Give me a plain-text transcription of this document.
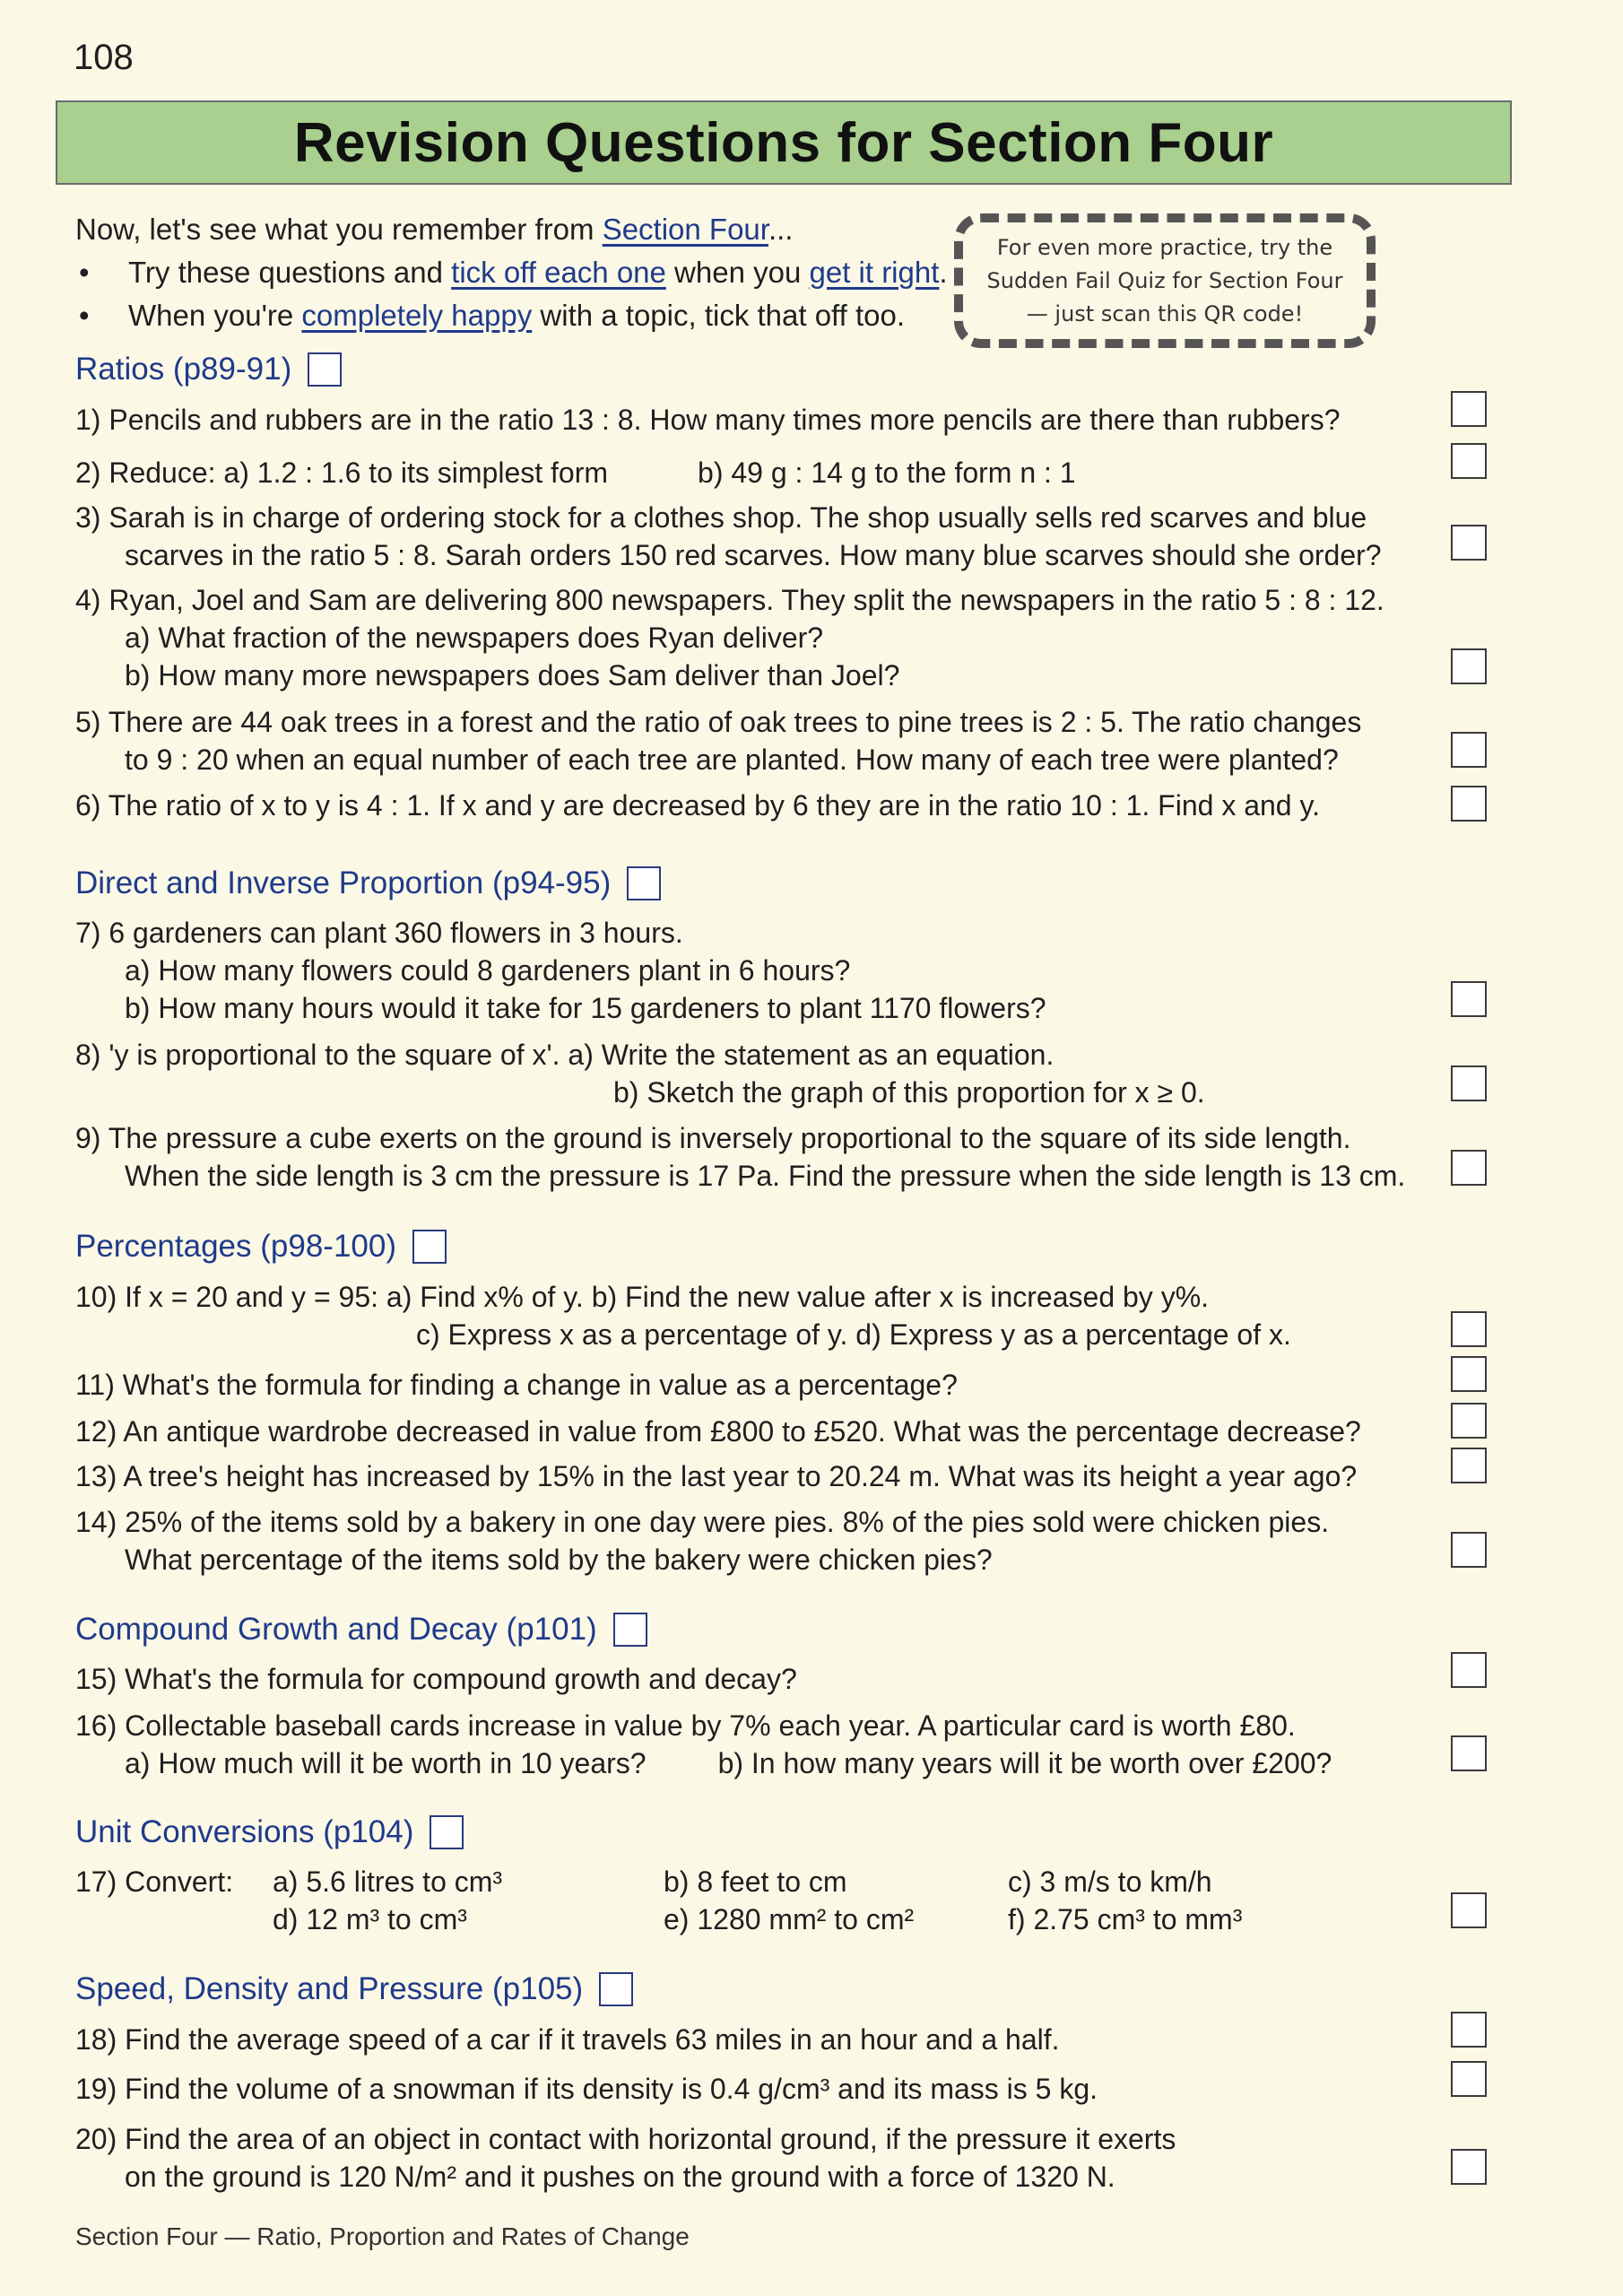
108
Revision Questions for Section Four
Now, let's see what you remember from Section Four...
• Try these questions and tick off each one when you get it right.
• When you're completely happy with a topic, tick that off too.
For even more practice, try the
Sudden Fail Quiz for Section Four
— just scan this QR code!
Ratios (p89-91)
1) Pencils and rubbers are in the ratio 13 : 8. How many times more pencils are there than rubbers?
2) Reduce: a) 1.2 : 1.6 to its simplest form	b) 49 g : 14 g to the form n : 1
3) Sarah is in charge of ordering stock for a clothes shop. The shop usually sells red scarves and blue
scarves in the ratio 5 : 8. Sarah orders 150 red scarves. How many blue scarves should she order?
4) Ryan, Joel and Sam are delivering 800 newspapers. They split the newspapers in the ratio 5 : 8 : 12.
a) What fraction of the newspapers does Ryan deliver?
b) How many more newspapers does Sam deliver than Joel?
5) There are 44 oak trees in a forest and the ratio of oak trees to pine trees is 2 : 5. The ratio changes
to 9 : 20 when an equal number of each tree are planted. How many of each tree were planted?
6) The ratio of x to y is 4 : 1. If x and y are decreased by 6 they are in the ratio 10 : 1. Find x and y.
Direct and Inverse Proportion (p94-95)
7) 6 gardeners can plant 360 flowers in 3 hours.
a) How many flowers could 8 gardeners plant in 6 hours?
b) How many hours would it take for 15 gardeners to plant 1170 flowers?
8) 'y is proportional to the square of x'. a) Write the statement as an equation.
b) Sketch the graph of this proportion for x ≥ 0.
9) The pressure a cube exerts on the ground is inversely proportional to the square of its side length.
When the side length is 3 cm the pressure is 17 Pa. Find the pressure when the side length is 13 cm.
Percentages (p98-100)
10) If x = 20 and y = 95: a) Find x% of y. b) Find the new value after x is increased by y%.
c) Express x as a percentage of y. d) Express y as a percentage of x.
11) What's the formula for finding a change in value as a percentage?
12) An antique wardrobe decreased in value from £800 to £520. What was the percentage decrease?
13) A tree's height has increased by 15% in the last year to 20.24 m. What was its height a year ago?
14) 25% of the items sold by a bakery in one day were pies. 8% of the pies sold were chicken pies.
What percentage of the items sold by the bakery were chicken pies?
Compound Growth and Decay (p101)
15) What's the formula for compound growth and decay?
16) Collectable baseball cards increase in value by 7% each year. A particular card is worth £80.
a) How much will it be worth in 10 years?	b) In how many years will it be worth over £200?
Unit Conversions (p104)
17) Convert: a) 5.6 litres to cm³	b) 8 feet to cm	c) 3 m/s to km/h
d) 12 m³ to cm³	e) 1280 mm² to cm²	f) 2.75 cm³ to mm³
Speed, Density and Pressure (p105)
18) Find the average speed of a car if it travels 63 miles in an hour and a half.
19) Find the volume of a snowman if its density is 0.4 g/cm³ and its mass is 5 kg.
20) Find the area of an object in contact with horizontal ground, if the pressure it exerts
on the ground is 120 N/m² and it pushes on the ground with a force of 1320 N.
Section Four — Ratio, Proportion and Rates of Change
